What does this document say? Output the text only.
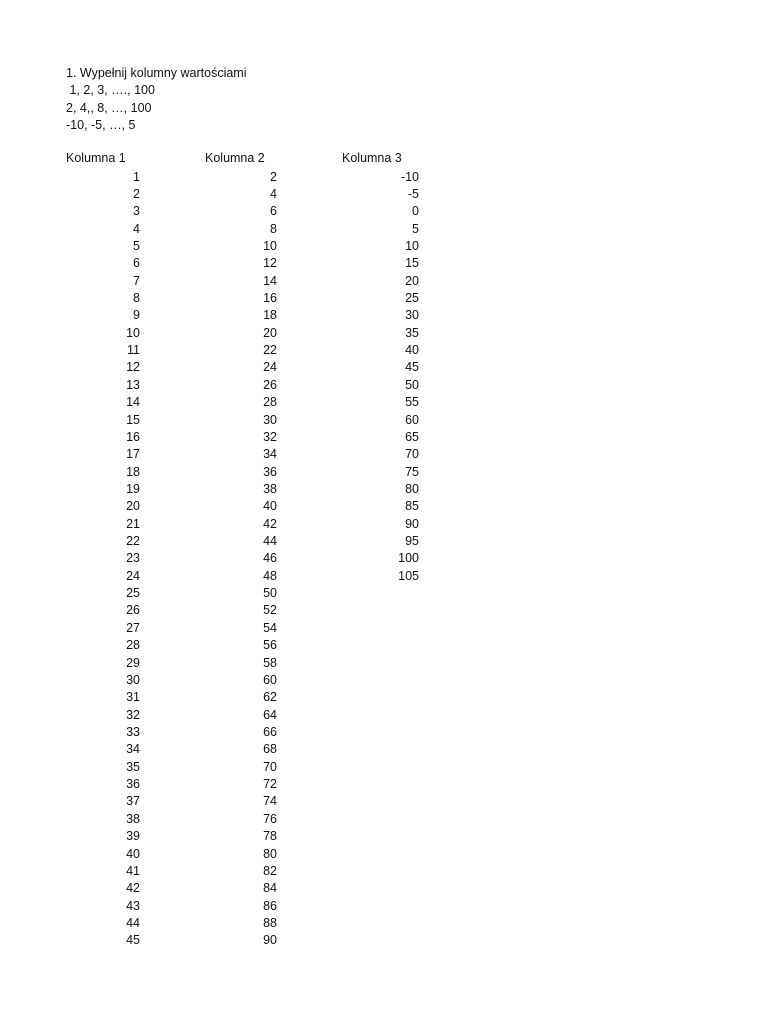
1. Wypełnij kolumny wartościami
1, 2, 3, …., 100
2, 4,, 8, …, 100
-10, -5, …, 5
Kolumna 1	Kolumna 2	Kolumna 3
1
2
3
4
5
6
7
8
9
10
11
12
13
14
15
16
17
18
19
20
21
22
23
24
25
26
27
28
29
30
31
32
33
34
35
36
37
38
39
40
41
42
43
44
45
2
4
6
8
10
12
14
16
18
20
22
24
26
28
30
32
34
36
38
40
42
44
46
48
50
52
54
56
58
60
62
64
66
68
70
72
74
76
78
80
82
84
86
88
90
-10
-5
0
5
10
15
20
25
30
35
40
45
50
55
60
65
70
75
80
85
90
95
100
105
